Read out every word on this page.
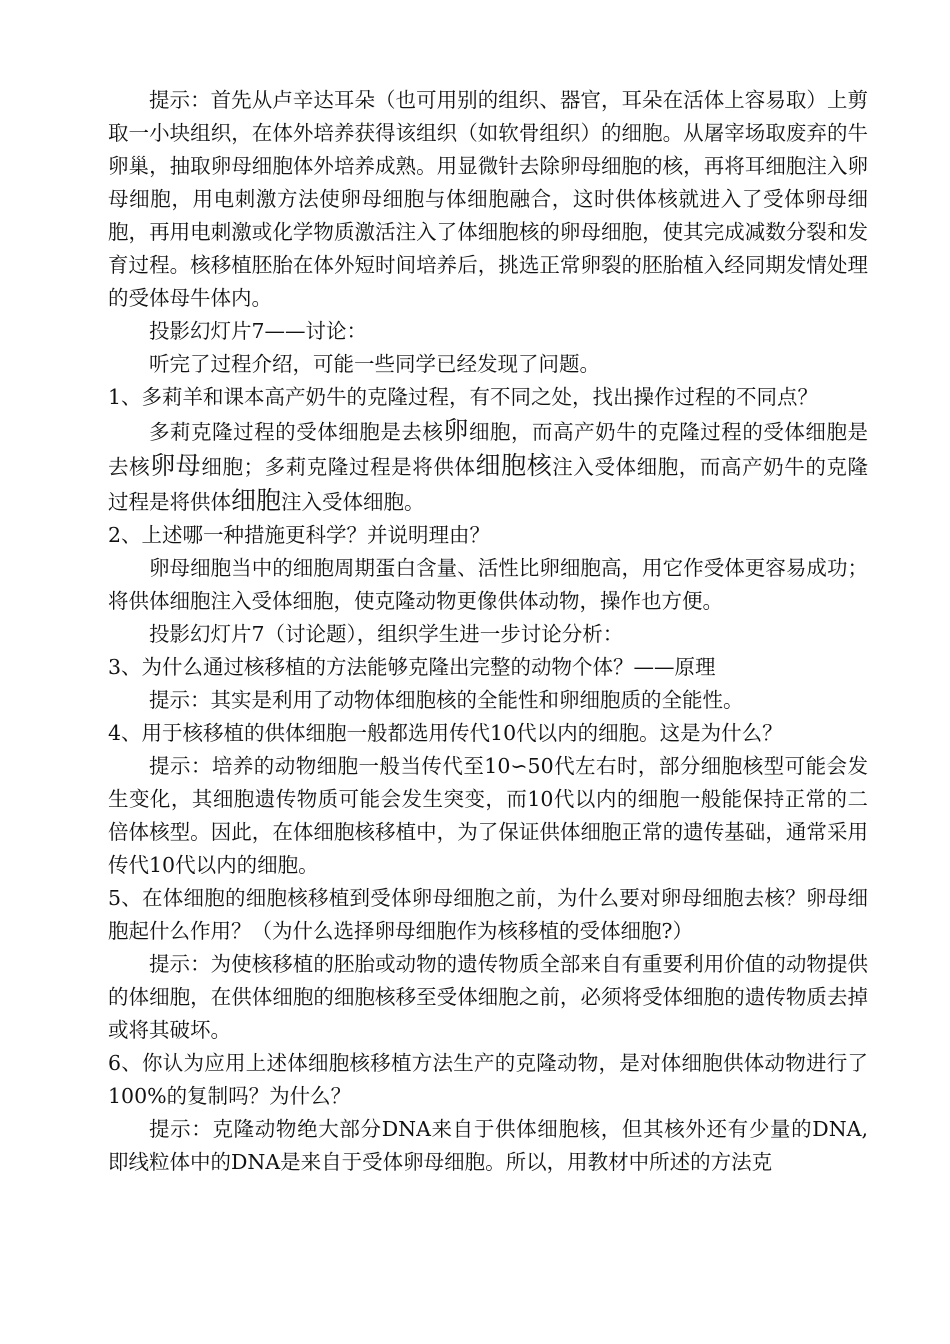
提示：首先从卢辛达耳朵（也可用别的组织、器官，耳朵在活体上容易取）上剪取一小块组织，在体外培养获得该组织（如软骨组织）的细胞。从屠宰场取废弃的牛卵巢，抽取卵母细胞体外培养成熟。用显微针去除卵母细胞的核，再将耳细胞注入卵母细胞，用电刺激方法使卵母细胞与体细胞融合，这时供体核就进入了受体卵母细胞，再用电刺激或化学物质激活注入了体细胞核的卵母细胞，使其完成减数分裂和发育过程。核移植胚胎在体外短时间培养后，挑选正常卵裂的胚胎植入经同期发情处理的受体母牛体内。

投影幻灯片7——讨论：

听完了过程介绍，可能一些同学已经发现了问题。

1、多莉羊和课本高产奶牛的克隆过程，有不同之处，找出操作过程的不同点？

多莉克隆过程的受体细胞是去核卵细胞，而高产奶牛的克隆过程的受体细胞是去核卵母细胞；多莉克隆过程是将供体细胞核注入受体细胞，而高产奶牛的克隆过程是将供体细胞注入受体细胞。

2、上述哪一种措施更科学？并说明理由？

卵母细胞当中的细胞周期蛋白含量、活性比卵细胞高，用它作受体更容易成功；将供体细胞注入受体细胞，使克隆动物更像供体动物，操作也方便。

投影幻灯片7（讨论题），组织学生进一步讨论分析：

3、为什么通过核移植的方法能够克隆出完整的动物个体？——原理

提示：其实是利用了动物体细胞核的全能性和卵细胞质的全能性。

4、用于核移植的供体细胞一般都选用传代10代以内的细胞。这是为什么？

提示：培养的动物细胞一般当传代至10∽50代左右时，部分细胞核型可能会发生变化，其细胞遗传物质可能会发生突变，而10代以内的细胞一般能保持正常的二倍体核型。因此，在体细胞核移植中，为了保证供体细胞正常的遗传基础，通常采用传代10代以内的细胞。

5、在体细胞的细胞核移植到受体卵母细胞之前，为什么要对卵母细胞去核？卵母细胞起什么作用？（为什么选择卵母细胞作为核移植的受体细胞?）

提示：为使核移植的胚胎或动物的遗传物质全部来自有重要利用价值的动物提供的体细胞，在供体细胞的细胞核移至受体细胞之前，必须将受体细胞的遗传物质去掉或将其破坏。

6、你认为应用上述体细胞核移植方法生产的克隆动物，是对体细胞供体动物进行了100%的复制吗？为什么？

提示：克隆动物绝大部分DNA来自于供体细胞核，但其核外还有少量的DNA,即线粒体中的DNA是来自于受体卵母细胞。所以，用教材中所述的方法克
